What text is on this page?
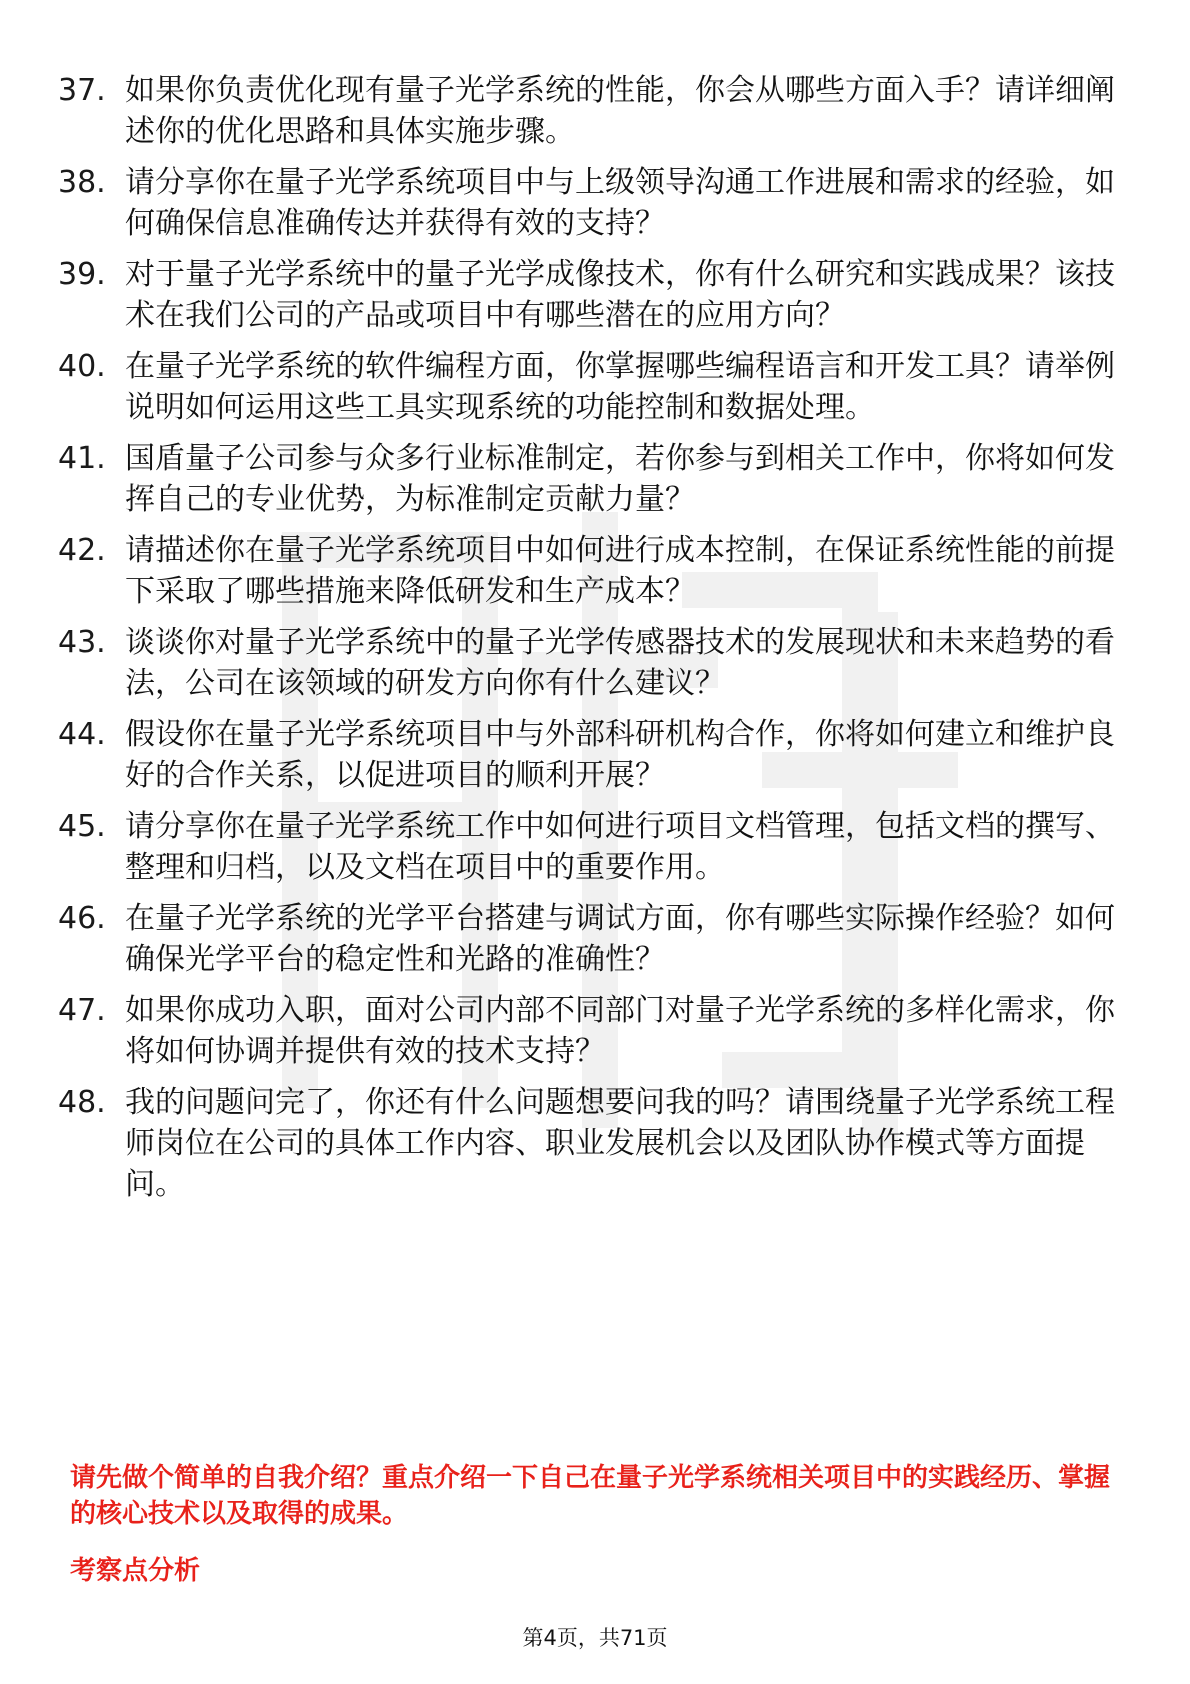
37. 如果你负责优化现有量子光学系统的性能，你会从哪些方面入手？请详细阐述你的优化思路和具体实施步骤。
38. 请分享你在量子光学系统项目中与上级领导沟通工作进展和需求的经验，如何确保信息准确传达并获得有效的支持？
39. 对于量子光学系统中的量子光学成像技术，你有什么研究和实践成果？该技术在我们公司的产品或项目中有哪些潜在的应用方向？
40. 在量子光学系统的软件编程方面，你掌握哪些编程语言和开发工具？请举例说明如何运用这些工具实现系统的功能控制和数据处理。
41. 国盾量子公司参与众多行业标准制定，若你参与到相关工作中，你将如何发挥自己的专业优势，为标准制定贡献力量？
42. 请描述你在量子光学系统项目中如何进行成本控制，在保证系统性能的前提下采取了哪些措施来降低研发和生产成本？
43. 谈谈你对量子光学系统中的量子光学传感器技术的发展现状和未来趋势的看法，公司在该领域的研发方向你有什么建议？
44. 假设你在量子光学系统项目中与外部科研机构合作，你将如何建立和维护良好的合作关系，以促进项目的顺利开展？
45. 请分享你在量子光学系统工作中如何进行项目文档管理，包括文档的撰写、整理和归档，以及文档在项目中的重要作用。
46. 在量子光学系统的光学平台搭建与调试方面，你有哪些实际操作经验？如何确保光学平台的稳定性和光路的准确性？
47. 如果你成功入职，面对公司内部不同部门对量子光学系统的多样化需求，你将如何协调并提供有效的技术支持？
48. 我的问题问完了，你还有什么问题想要问我的吗？请围绕量子光学系统工程师岗位在公司的具体工作内容、职业发展机会以及团队协作模式等方面提问。

请先做个简单的自我介绍？重点介绍一下自己在量子光学系统相关项目中的实践经历、掌握的核心技术以及取得的成果。

考察点分析
第4页，共71页
